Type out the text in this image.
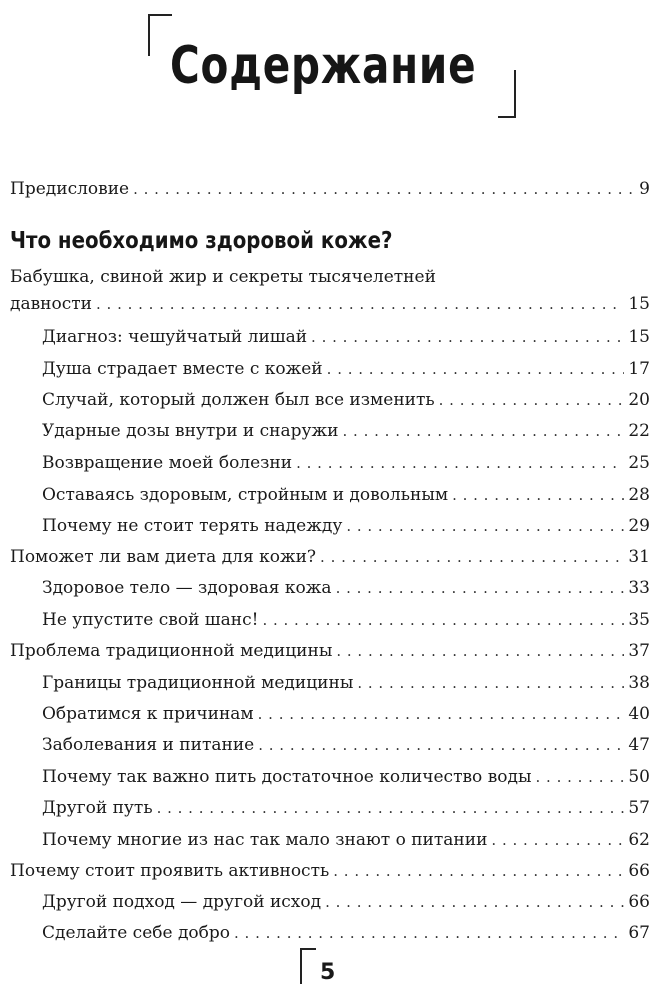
Содержание
Предисловие . . .	9
Что необходимо здоровой коже?
Бабушка, свиной жир и секреты тысячелетней
давности . . .	15
Диагноз: чешуйчатый лишай . . .	15
Душа страдает вместе с кожей . . .	17
Случай, который должен был все изменить . . .	20
Ударные дозы внутри и снаружи . . .	22
Возвращение моей болезни . . .	25
Оставаясь здоровым, стройным и довольным . . .	28
Почему не стоит терять надежду . . .	29
Поможет ли вам диета для кожи? . . .	31
Здоровое тело — здоровая кожа . . .	33
Не упустите свой шанс! . . .	35
Проблема традиционной медицины . . .	37
Границы традиционной медицины . . .	38
Обратимся к причинам . . .	40
Заболевания и питание . . .	47
Почему так важно пить достаточное количество воды . . .	50
Другой путь . . .	57
Почему многие из нас так мало знают о питании . . .	62
Почему стоит проявить активность . . .	66
Другой подход — другой исход . . .	66
Сделайте себе добро . . .	67
5
